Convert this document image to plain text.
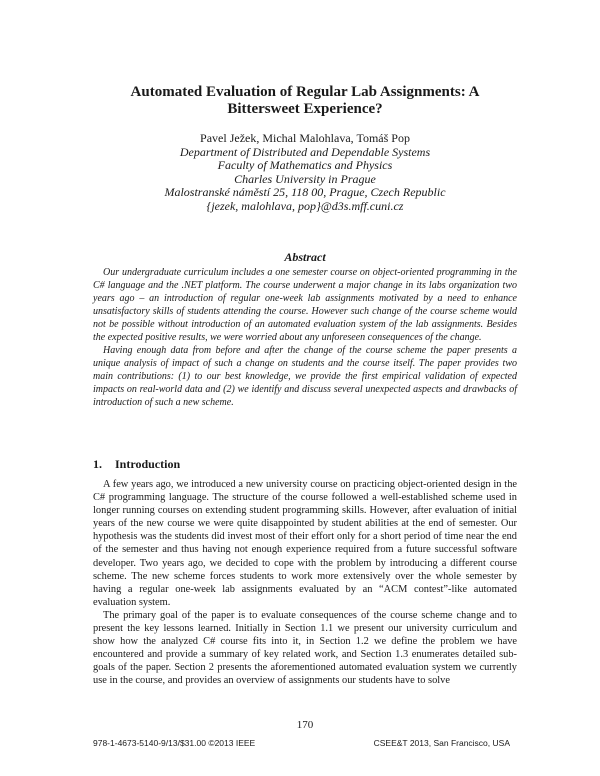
Automated Evaluation of Regular Lab Assignments: A Bittersweet Experience?
Pavel Ježek, Michal Malohlava, Tomáš Pop
Department of Distributed and Dependable Systems
Faculty of Mathematics and Physics
Charles University in Prague
Malostranské náměstí 25, 118 00, Prague, Czech Republic
{jezek, malohlava, pop}@d3s.mff.cuni.cz
Abstract

Our undergraduate curriculum includes a one semester course on object-oriented programming in the C# language and the .NET platform. The course underwent a major change in its labs organization two years ago – an introduction of regular one-week lab assignments motivated by a need to enhance unsatisfactory skills of students attending the course. However such change of the course scheme would not be possible without introduction of an automated evaluation system of the lab assignments. Besides the expected positive results, we were worried about any unforeseen consequences of the change.

Having enough data from before and after the change of the course scheme the paper presents a unique analysis of impact of such a change on students and the course itself. The paper provides two main contributions: (1) to our best knowledge, we provide the first empirical validation of expected impacts on real-world data and (2) we identify and discuss several unexpected aspects and drawbacks of introduction of such a new scheme.

1. Introduction

A few years ago, we introduced a new university course on practicing object-oriented design in the C# programming language. The structure of the course followed a well-established scheme used in longer running courses on extending student programming skills. However, after evaluation of initial years of the new course we were quite disappointed by student abilities at the end of semester. Our hypothesis was the students did invest most of their effort only for a short period of time near the end of the semester and thus having not enough experience required from a future successful software developer. Two years ago, we decided to cope with the problem by introducing a different course scheme. The new scheme forces students to work more extensively over the whole semester by having a regular one-week lab assignments evaluated by an “ACM contest”-like automated evaluation system.

The primary goal of the paper is to evaluate consequences of the course scheme change and to present the key lessons learned. Initially in Section 1.1 we present our university curriculum and show how the analyzed C# course fits into it, in Section 1.2 we define the problem we have encountered and provide a summary of key related work, and Section 1.3 enumerates detailed sub-goals of the paper. Section 2 presents the aforementioned automated evaluation system we currently use in the course, and provides an overview of assignments our students have to solve

170
978-1-4673-5140-9/13/$31.00 ©2013 IEEE	CSEE&T 2013, San Francisco, USA
